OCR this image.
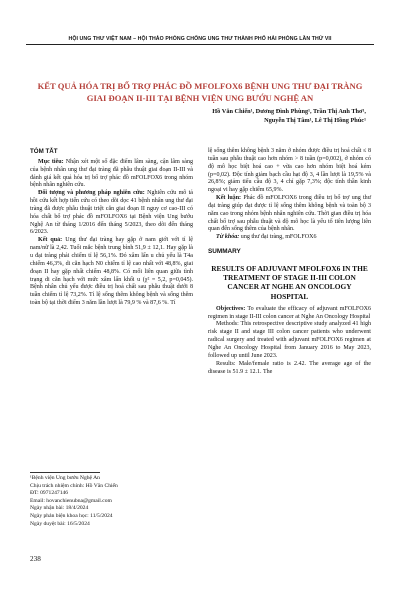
HỘI UNG THƯ VIỆT NAM – HỘI THẢO PHÒNG CHỐNG UNG THƯ THÀNH PHỐ HẢI PHÒNG LẦN THỨ VII
KẾT QUẢ HÓA TRỊ BỔ TRỢ PHÁC ĐỒ MFOLFOX6 BỆNH UNG THƯ ĐẠI TRÀNG GIAI ĐOẠN II-III TẠI BỆNH VIỆN UNG BƯỚU NGHỆ AN
Hồ Văn Chiến¹, Dương Đình Phùng¹, Trần Thị Anh Thơ¹,
Nguyễn Thị Tâm¹, Lê Thị Hồng Phúc¹
TÓM TẮT

Mục tiêu: Nhận xét một số đặc điểm lâm sàng, cận lâm sàng của bệnh nhân ung thư đại tràng đã phẫu thuật giai đoạn II-III và đánh giá kết quả hóa trị bổ trợ phác đồ mFOLFOX6 trong nhóm bệnh nhân nghiên cứu.

Đối tượng và phương pháp nghiên cứu: Nghiên cứu mô tả hồi cứu kết hợp tiến cứu có theo dõi dọc 41 bệnh nhân ung thư đại tràng đã được phẫu thuật triệt căn giai đoạn II nguy cơ cao-III có hóa chất bổ trợ phác đồ mFOLFOX6 tại Bệnh viện Ung bướu Nghệ An từ tháng 1/2016 đến tháng 5/2023, theo dõi đến tháng 6/2023.

Kết quả: Ung thư đại tràng hay gặp ở nam giới với tỉ lệ nam/nữ là 2,42. Tuổi mắc bệnh trung bình 51,9 ± 12,1. Hay gặp là u đại tràng phải chiếm tỉ lệ 56,1%. Đó xâm lấn u chủ yếu là T4a chiếm 46,3%, di căn hạch N0 chiếm tỉ lệ cao nhất với 48,8%, giai đoạn II hay gặp nhất chiếm 48,8%. Có mối liên quan giữa tình trạng di căn hạch với mức xâm lấn khối u (χ² = 5,2, p=0,045). Bệnh nhân chủ yếu được điều trị hoá chất sau phẫu thuật dưới 8 tuần chiếm tỉ lệ 73,2%. Tỉ lệ sống thêm không bệnh và sống thêm toàn bộ tại thời điểm 3 năm lần lượt là 79,9 % và 87,6 %. Tỉ

¹Bệnh viện Ung bướu Nghệ An
Chịu trách nhiệm chính: Hồ Văn Chiến
ĐT: 0971247146
Email: hovanchienubna@gmail.com
Ngày nhận bài: 18/4/2024
Ngày phản biện khoa học: 11/5/2024
Ngày duyệt bài: 16/5/2024

lệ sống thêm không bệnh 3 năm ở nhóm được điều trị hoá chất ≤ 8 tuần sau phẫu thuật cao hơn nhóm > 8 tuần (p=0,002), ở nhóm có độ mô học biệt hoá cao + vừa cao hơn nhóm biệt hoá kém (p=0,02). Độc tính giảm bạch cầu hạt độ 3, 4 lần lượt là 19,5% và 26,8%; giảm tiểu cầu độ 3, 4 chỉ gặp 7,3%; độc tính thần kinh ngoại vi hay gặp chiếm 65,9%.

Kết luận: Phác đồ mFOLFOX6 trong điều trị bổ trợ ung thư đại tràng giúp đạt được tỉ lệ sống thêm không bệnh và toàn bộ 3 năm cao trong nhóm bệnh nhân nghiên cứu. Thời gian điều trị hóa chất bổ trợ sau phẫu thuật và độ mô học là yếu tố tiên lượng liên quan đến sống thêm của bệnh nhân.

Từ khóa: ung thư đại tràng, mFOLFOX6

SUMMARY
RESULTS OF ADJUVANT MFOLFOX6 IN THE TREATMENT OF STAGE II-III COLON CANCER AT NGHE AN ONCOLOGY HOSPITAL

Objectives: To evaluate the efficacy of adjuvant mFOLFOX6 regimen in stage II-III colon cancer at Nghe An Oncology Hospital

Methods: This retrospective descriptive study analyzed 41 high risk stage II and stage III colon cancer patients who underwent radical surgery and treated with adjuvant mFOLFOX6 regimen at Nghe An Oncology Hospital from January 2016 to May 2023, followed up until June 2023.

Results: Male/female ratio is 2.42. The average age of the disease is 51.9 ± 12.1. The

238
